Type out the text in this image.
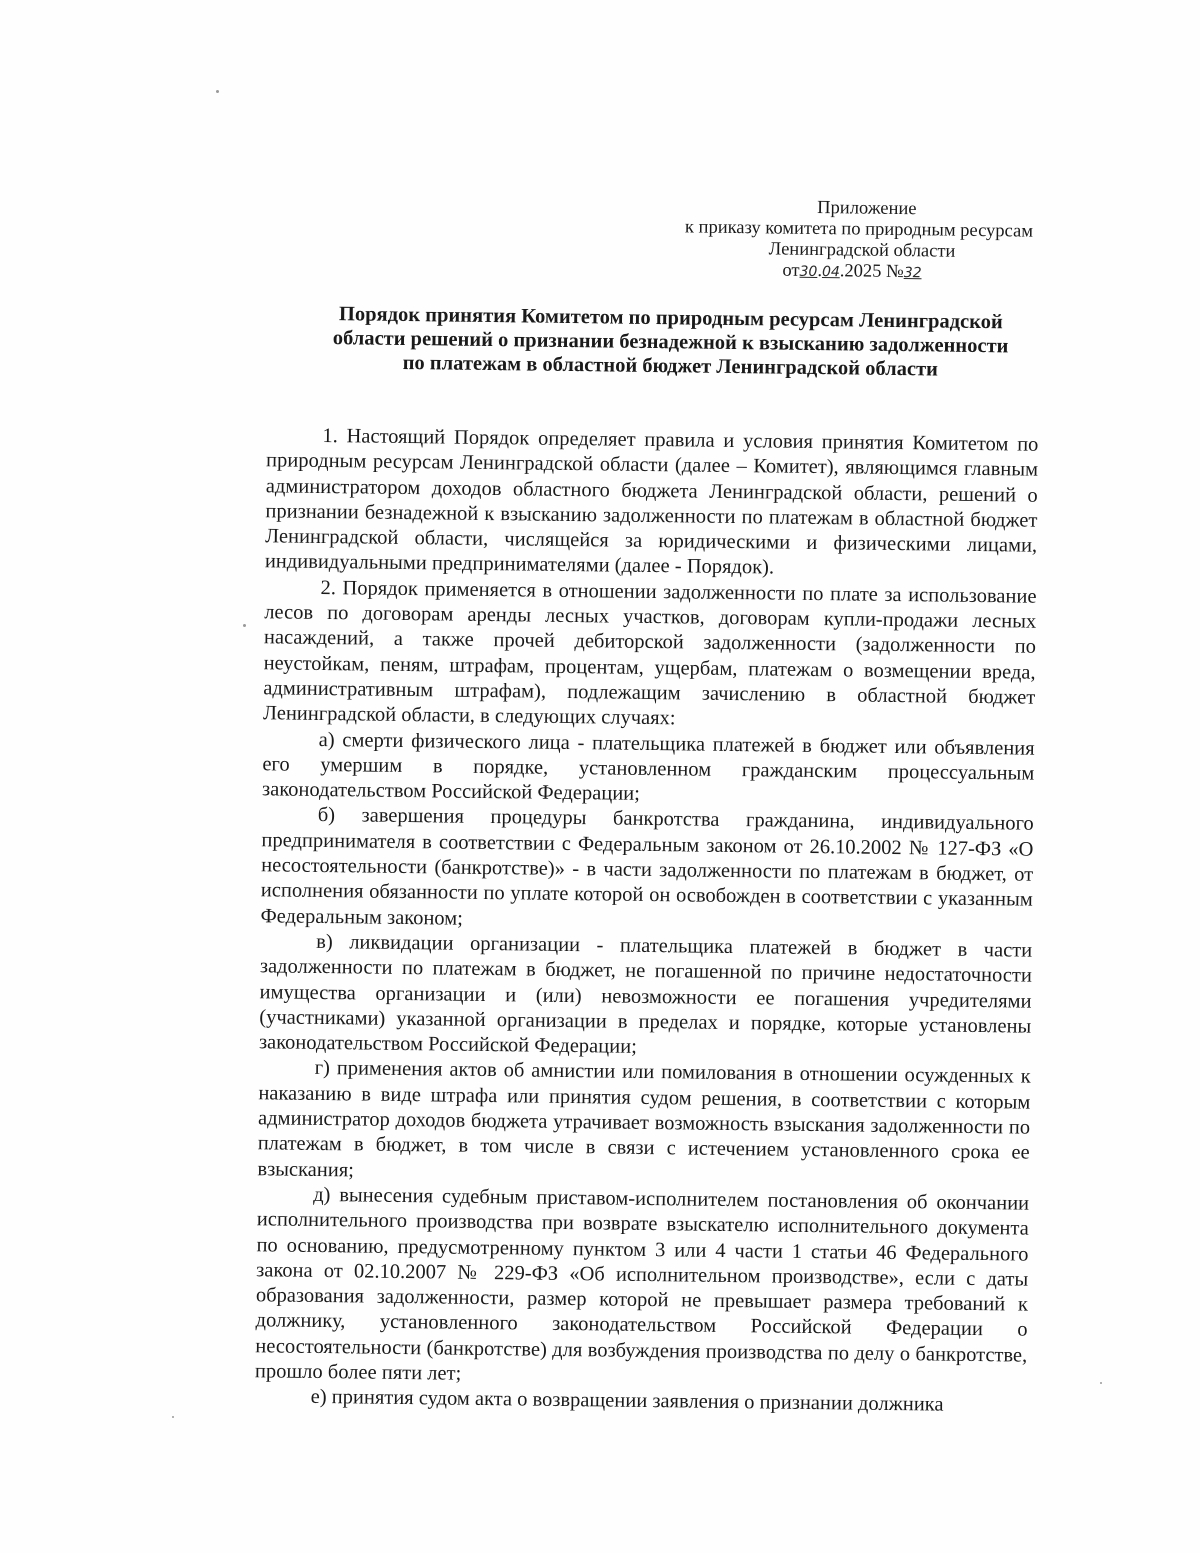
Приложение
к приказу комитета по природным ресурсам
Ленинградской области
от30.04.2025 №32
Порядок принятия Комитетом по природным ресурсам Ленинградской
области решений о признании безнадежной к взысканию задолженности
по платежам в областной бюджет Ленинградской области

1. Настоящий Порядок определяет правила и условия принятия Комитетом по природным ресурсам Ленинградской области (далее – Комитет), являющимся главным администратором доходов областного бюджета Ленинградской области, решений о признании безнадежной к взысканию задолженности по платежам в областной бюджет Ленинградской области, числящейся за юридическими и физическими лицами, индивидуальными предпринимателями (далее - Порядок).

2. Порядок применяется в отношении задолженности по плате за использование лесов по договорам аренды лесных участков, договорам купли-продажи лесных насаждений, а также прочей дебиторской задолженности (задолженности по неустойкам, пеням, штрафам, процентам, ущербам, платежам о возмещении вреда, административным штрафам), подлежащим зачислению в областной бюджет Ленинградской области, в следующих случаях:

а) смерти физического лица - плательщика платежей в бюджет или объявления его умершим в порядке, установленном гражданским процессуальным законодательством Российской Федерации;

б) завершения процедуры банкротства гражданина, индивидуального предпринимателя в соответствии с Федеральным законом от 26.10.2002 № 127-ФЗ «О несостоятельности (банкротстве)» - в части задолженности по платежам в бюджет, от исполнения обязанности по уплате которой он освобожден в соответствии с указанным Федеральным законом;

в) ликвидации организации - плательщика платежей в бюджет в части задолженности по платежам в бюджет, не погашенной по причине недостаточности имущества организации и (или) невозможности ее погашения учредителями (участниками) указанной организации в пределах и порядке, которые установлены законодательством Российской Федерации;

г) применения актов об амнистии или помилования в отношении осужденных к наказанию в виде штрафа или принятия судом решения, в соответствии с которым администратор доходов бюджета утрачивает возможность взыскания задолженности по платежам в бюджет, в том числе в связи с истечением установленного срока ее взыскания;

д) вынесения судебным приставом-исполнителем постановления об окончании исполнительного производства при возврате взыскателю исполнительного документа по основанию, предусмотренному пунктом 3 или 4 части 1 статьи 46 Федерального закона от 02.10.2007 № 229-ФЗ «Об исполнительном производстве», если с даты образования задолженности, размер которой не превышает размера требований к должнику, установленного законодательством Российской Федерации о несостоятельности (банкротстве) для возбуждения производства по делу о банкротстве, прошло более пяти лет;

е) принятия судом акта о возвращении заявления о признании должника
